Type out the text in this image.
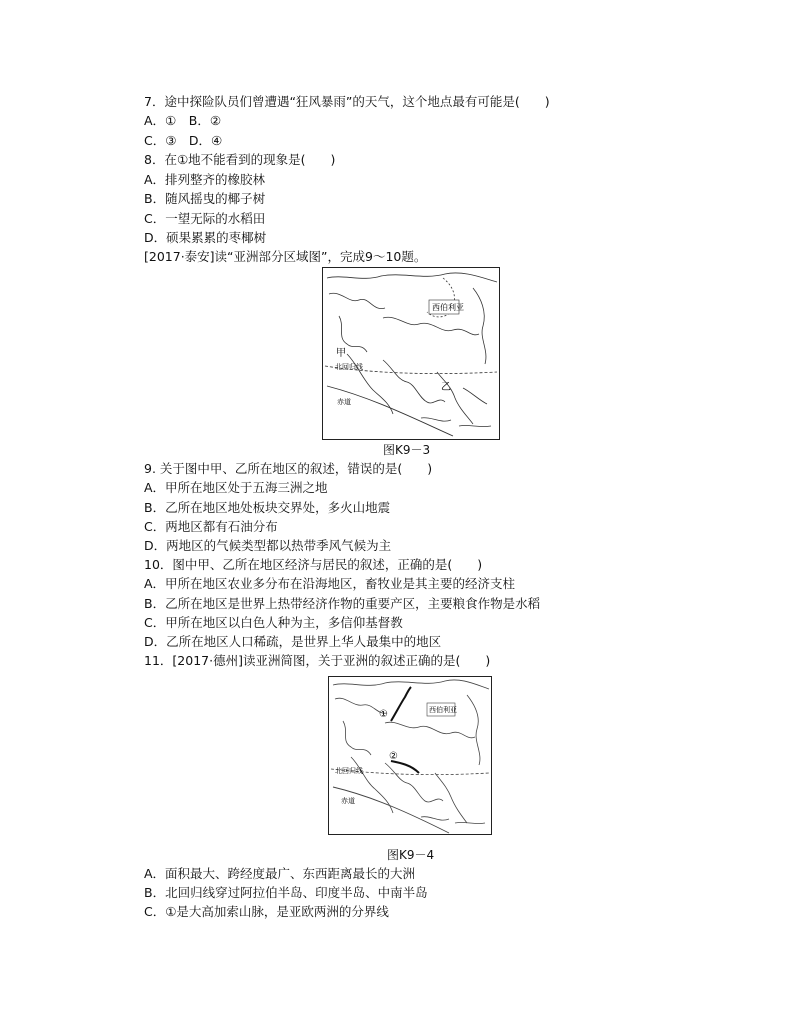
7．途中探险队员们曾遭遇“狂风暴雨”的天气，这个地点最有可能是(　　)
A．①　B．②
C．③　D．④
8．在①地不能看到的现象是(　　)
A．排列整齐的橡胶林
B．随风摇曳的椰子树
C．一望无际的水稻田
D．硕果累累的枣椰树
[2017·泰安]读“亚洲部分区域图”，完成9～10题。
西伯利亚
甲
北回归线
乙
赤道
图K9－3
9. 关于图中甲、乙所在地区的叙述，错误的是(　　)
A．甲所在地区处于五海三洲之地
B．乙所在地区地处板块交界处，多火山地震
C．两地区都有石油分布
D．两地区的气候类型都以热带季风气候为主
10．图中甲、乙所在地区经济与居民的叙述，正确的是(　　)
A．甲所在地区农业多分布在沿海地区，畜牧业是其主要的经济支柱
B．乙所在地区是世界上热带经济作物的重要产区，主要粮食作物是水稻
C．甲所在地区以白色人种为主，多信仰基督教
D．乙所在地区人口稀疏，是世界上华人最集中的地区
11．[2017·德州]读亚洲简图，关于亚洲的叙述正确的是(　　)
西伯利亚
①
②
北回归线
赤道
图K9－4
A．面积最大、跨经度最广、东西距离最长的大洲
B．北回归线穿过阿拉伯半岛、印度半岛、中南半岛
C．①是大高加索山脉，是亚欧两洲的分界线
